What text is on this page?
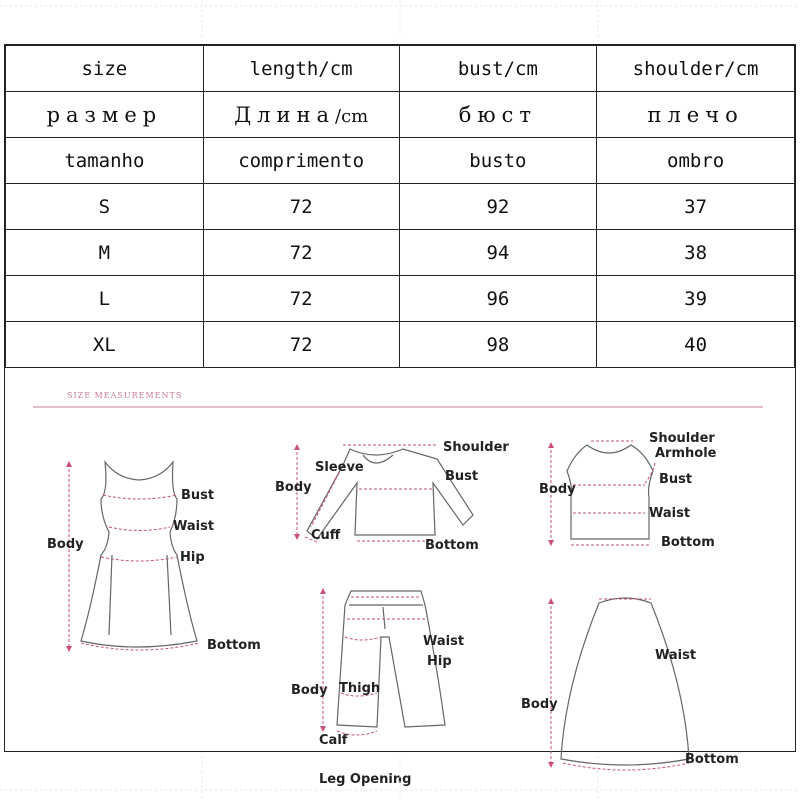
size	length/cm	bust/cm	shoulder/cm
размер	Длина/cm	бюст	плечо
tamanho	comprimento	busto	ombro
S	72	92	37
M	72	94	38
L	72	96	39
XL	72	98	40
SIZE MEASUREMENTS
Bust
Waist
Hip
Body
Bottom
Shoulder
Sleeve
Bust
Body
Cuff
Bottom
Shoulder
Armhole
Bust
Body
Waist
Bottom
Waist
Hip
Body Thigh
Calf
Leg Opening
Waist
Body
Bottom
